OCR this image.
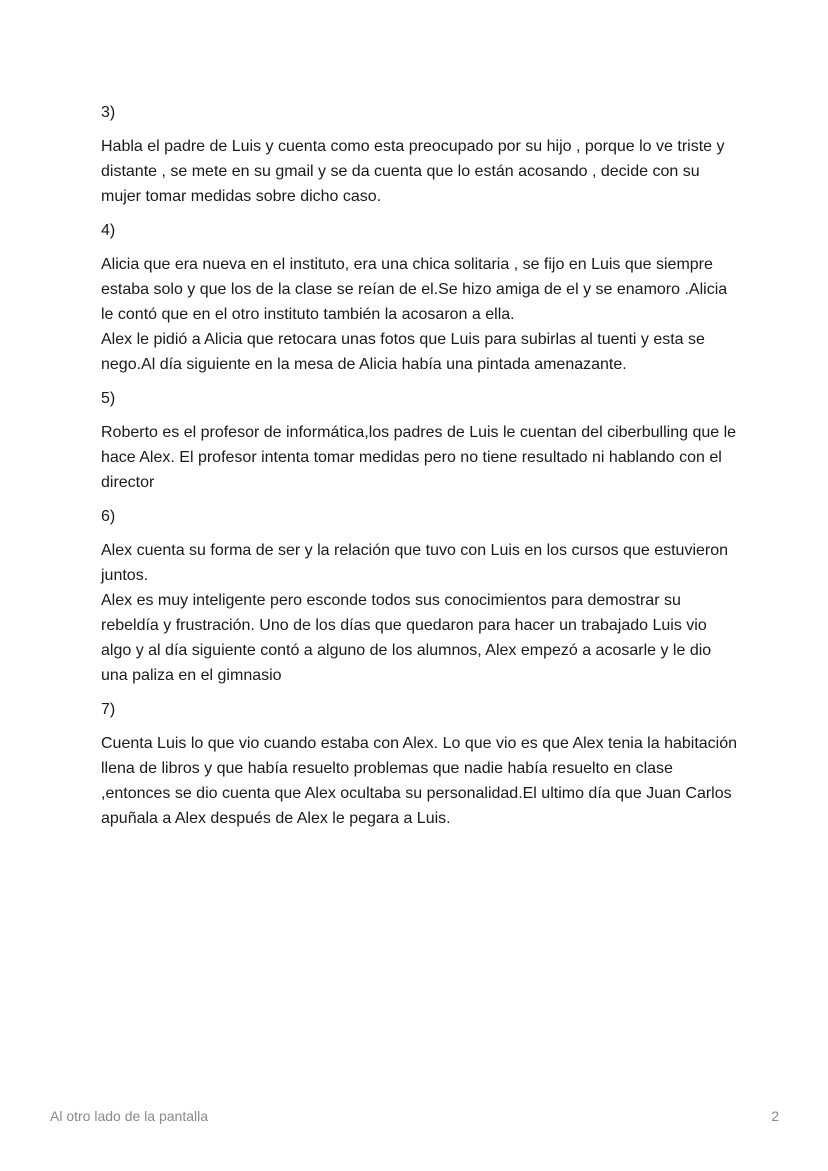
3)

Habla el padre de Luis y cuenta como esta preocupado por su hijo , porque lo ve triste y distante , se mete en su gmail y se da cuenta que lo están acosando , decide con su mujer tomar medidas sobre dicho caso.

4)

Alicia que era nueva en el instituto, era una chica solitaria , se fijo en Luis que siempre estaba solo y que los de la clase se reían de el.Se hizo amiga de el y se enamoro .Alicia le contó que en el otro instituto también la acosaron a ella.

Alex le pidió a Alicia que retocara unas fotos que Luis para subirlas al tuenti y esta se nego.Al día siguiente en la mesa de Alicia había una pintada amenazante.

5)

Roberto es el profesor de informática,los padres de Luis le cuentan del ciberbulling que le hace Alex. El profesor intenta tomar medidas pero no tiene resultado ni hablando con el director

6)

Alex cuenta su forma de ser y la relación que tuvo con Luis en los cursos que estuvieron juntos.

Alex es muy inteligente pero esconde todos sus conocimientos para demostrar su rebeldía y frustración. Uno de los días que quedaron para hacer un trabajado Luis vio algo y al día siguiente contó a alguno de los alumnos, Alex empezó a acosarle y le dio una paliza en el gimnasio

7)

Cuenta Luis lo que vio cuando estaba con Alex. Lo que vio es que Alex tenia la habitación llena de libros y que había resuelto problemas que nadie había resuelto en clase ,entonces se dio cuenta que Alex ocultaba su personalidad.El ultimo día que Juan Carlos apuñala a Alex después de Alex le pegara a Luis.

Al otro lado de la pantalla	2
